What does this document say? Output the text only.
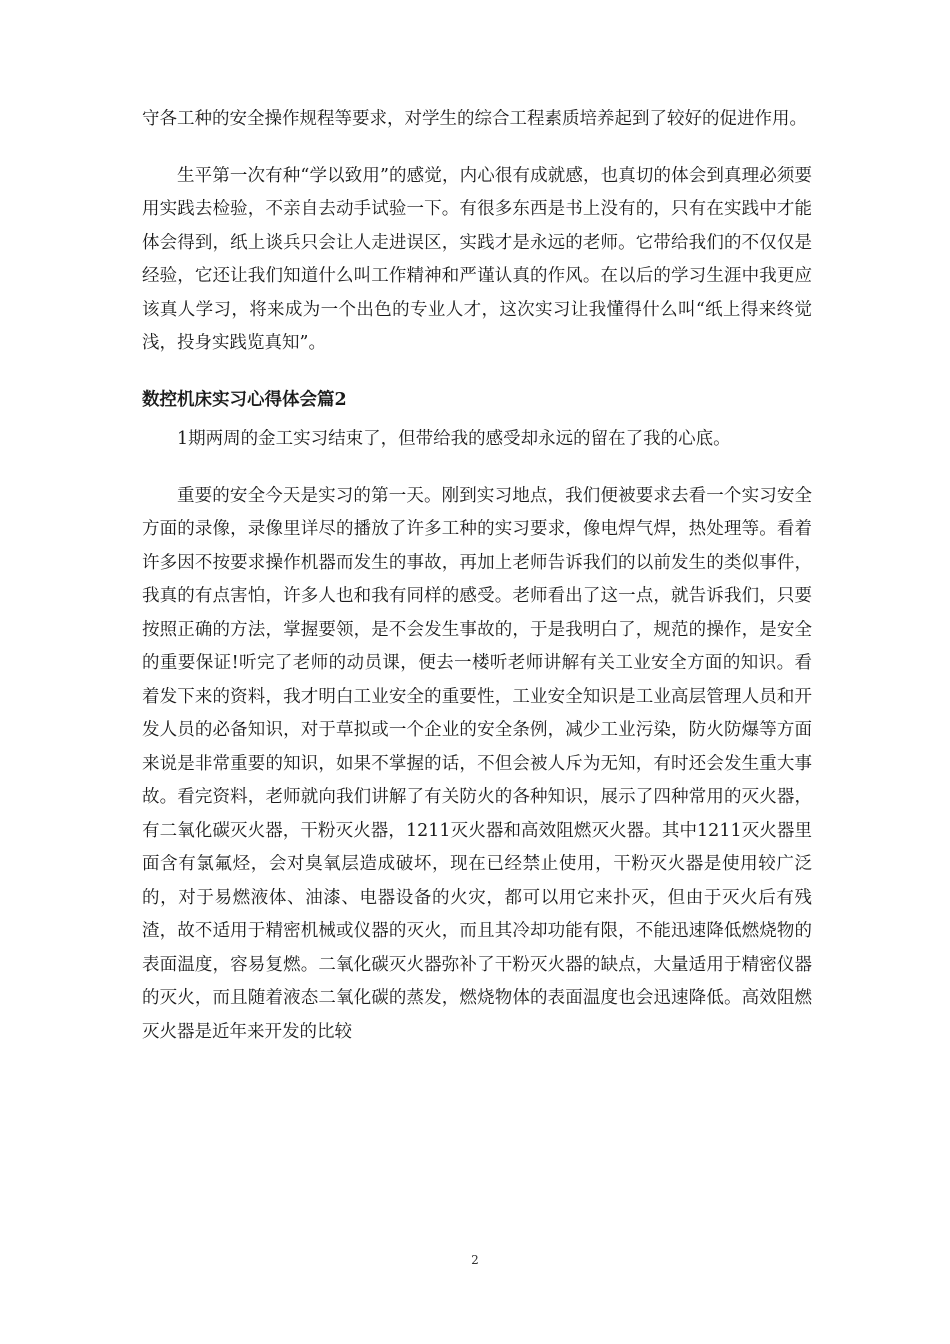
守各工种的安全操作规程等要求，对学生的综合工程素质培养起到了较好的促进作用。

生平第一次有种“学以致用”的感觉，内心很有成就感，也真切的体会到真理必须要用实践去检验，不亲自去动手试验一下。有很多东西是书上没有的，只有在实践中才能体会得到，纸上谈兵只会让人走进误区，实践才是永远的老师。它带给我们的不仅仅是经验，它还让我们知道什么叫工作精神和严谨认真的作风。在以后的学习生涯中我更应该真人学习，将来成为一个出色的专业人才，这次实习让我懂得什么叫“纸上得来终觉浅，投身实践览真知”。

数控机床实习心得体会篇2

1期两周的金工实习结束了，但带给我的感受却永远的留在了我的心底。

重要的安全今天是实习的第一天。刚到实习地点，我们便被要求去看一个实习安全方面的录像，录像里详尽的播放了许多工种的实习要求，像电焊气焊，热处理等。看着许多因不按要求操作机器而发生的事故，再加上老师告诉我们的以前发生的类似事件，我真的有点害怕，许多人也和我有同样的感受。老师看出了这一点，就告诉我们，只要按照正确的方法，掌握要领，是不会发生事故的，于是我明白了，规范的操作，是安全的重要保证!听完了老师的动员课，便去一楼听老师讲解有关工业安全方面的知识。看着发下来的资料，我才明白工业安全的重要性，工业安全知识是工业高层管理人员和开发人员的必备知识，对于草拟或一个企业的安全条例，减少工业污染，防火防爆等方面来说是非常重要的知识，如果不掌握的话，不但会被人斥为无知，有时还会发生重大事故。看完资料，老师就向我们讲解了有关防火的各种知识，展示了四种常用的灭火器，有二氧化碳灭火器，干粉灭火器，1211灭火器和高效阻燃灭火器。其中1211灭火器里面含有氯氟烃，会对臭氧层造成破坏，现在已经禁止使用，干粉灭火器是使用较广泛的，对于易燃液体、油漆、电器设备的火灾，都可以用它来扑灭，但由于灭火后有残渣，故不适用于精密机械或仪器的灭火，而且其冷却功能有限，不能迅速降低燃烧物的表面温度，容易复燃。二氧化碳灭火器弥补了干粉灭火器的缺点，大量适用于精密仪器的灭火，而且随着液态二氧化碳的蒸发，燃烧物体的表面温度也会迅速降低。高效阻燃灭火器是近年来开发的比较

2
